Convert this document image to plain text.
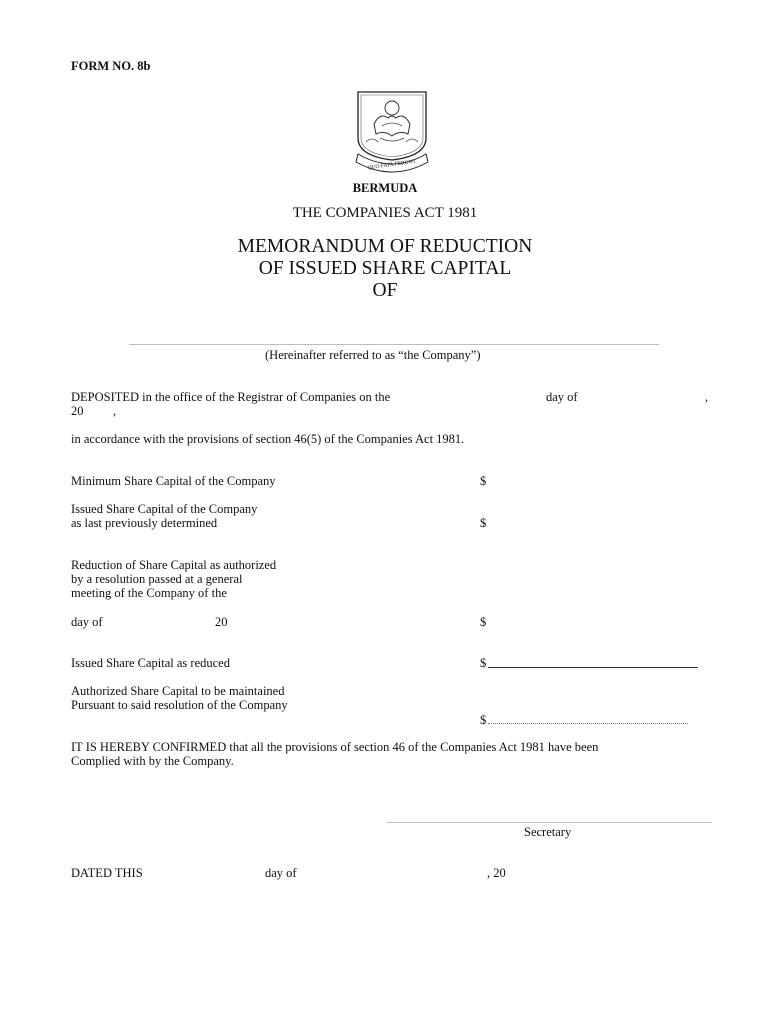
FORM NO. 8b
QUO FATA FERUNT
BERMUDA
THE COMPANIES ACT 1981
MEMORANDUM OF REDUCTION
OF ISSUED SHARE CAPITAL
OF
(Hereinafter referred to as “the Company”)
DEPOSITED in the office of the Registrar of Companies on the	day of	,
20 ,
in accordance with the provisions of section 46(5) of the Companies Act 1981.
Minimum Share Capital of the Company	$
Issued Share Capital of the Company
as last previously determined	$
Reduction of Share Capital as authorized
by a resolution passed at a general
meeting of the Company of the
day of	20	$
Issued Share Capital as reduced	$
Authorized Share Capital to be maintained
Pursuant to said resolution of the Company
$
IT IS HEREBY CONFIRMED that all the provisions of section 46 of the Companies Act 1981 have been
Complied with by the Company.
Secretary
DATED THIS	day of	, 20
